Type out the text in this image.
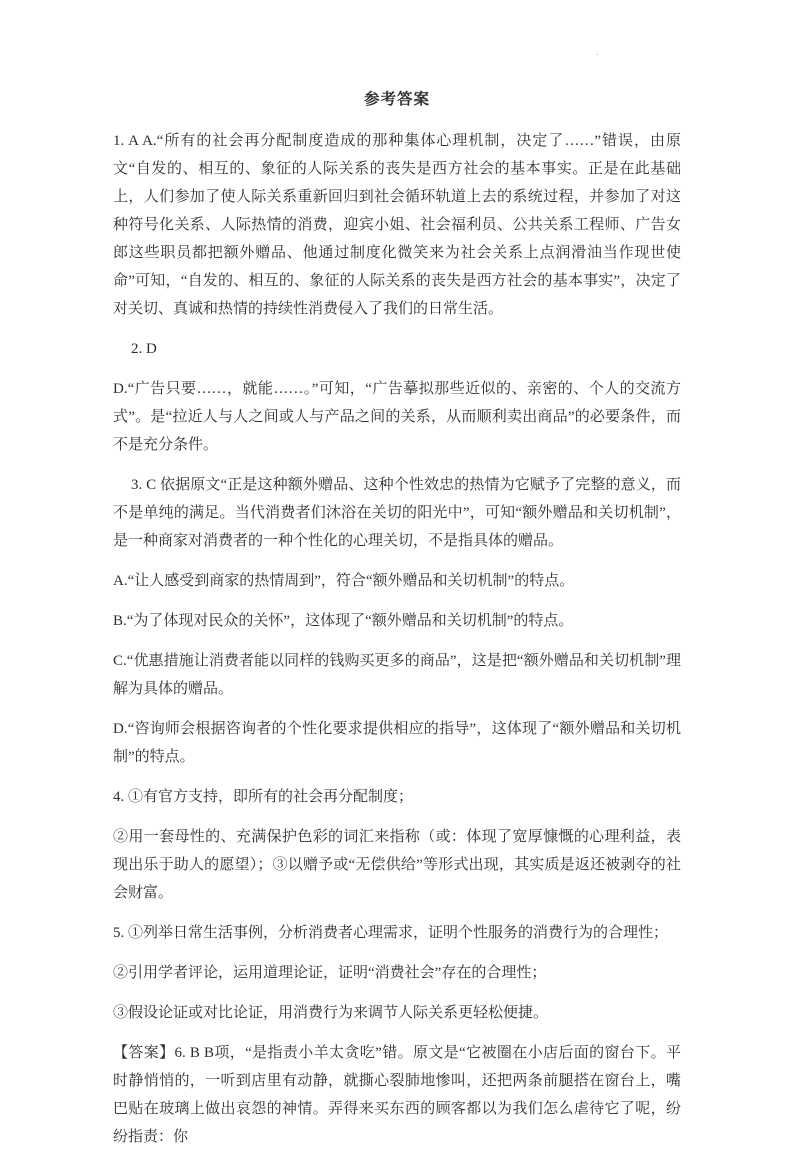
·
参考答案

1. A A.“所有的社会再分配制度造成的那种集体心理机制，决定了……”错误，由原文“自发的、相互的、象征的人际关系的丧失是西方社会的基本事实。正是在此基础上，人们参加了使人际关系重新回归到社会循环轨道上去的系统过程，并参加了对这种符号化关系、人际热情的消费，迎宾小姐、社会福利员、公共关系工程师、广告女郎这些职员都把额外赠品、他通过制度化微笑来为社会关系上点润滑油当作现世使命”可知，“自发的、相互的、象征的人际关系的丧失是西方社会的基本事实”，决定了对关切、真诚和热情的持续性消费侵入了我们的日常生活。

2. D

D.“广告只要……，就能……。”可知，“广告摹拟那些近似的、亲密的、个人的交流方式”。是“拉近人与人之间或人与产品之间的关系，从而顺利卖出商品”的必要条件，而不是充分条件。

3. C 依据原文“正是这种额外赠品、这种个性效忠的热情为它赋予了完整的意义，而不是单纯的满足。当代消费者们沐浴在关切的阳光中”，可知“额外赠品和关切机制”，是一种商家对消费者的一种个性化的心理关切，不是指具体的赠品。

A.“让人感受到商家的热情周到”，符合“额外赠品和关切机制”的特点。

B.“为了体现对民众的关怀”，这体现了“额外赠品和关切机制”的特点。

C.“优惠措施让消费者能以同样的钱购买更多的商品”，这是把“额外赠品和关切机制”理解为具体的赠品。

D.“咨询师会根据咨询者的个性化要求提供相应的指导”，这体现了“额外赠品和关切机制”的特点。

4. ①有官方支持，即所有的社会再分配制度；

②用一套母性的、充满保护色彩的词汇来指称（或：体现了宽厚慷慨的心理利益，表现出乐于助人的愿望）；③以赠予或“无偿供给”等形式出现，其实质是返还被剥夺的社会财富。

5. ①列举日常生活事例，分析消费者心理需求，证明个性服务的消费行为的合理性；

②引用学者评论，运用道理论证，证明“消费社会”存在的合理性；

③假设论证或对比论证，用消费行为来调节人际关系更轻松便捷。

【答案】6. B B项，“是指责小羊太贪吃”错。原文是“它被圈在小店后面的窗台下。平时静悄悄的，一听到店里有动静，就撕心裂肺地惨叫，还把两条前腿搭在窗台上，嘴巴贴在玻璃上做出哀怨的神情。弄得来买东西的顾客都以为我们怎么虐待它了呢，纷纷指责：你
